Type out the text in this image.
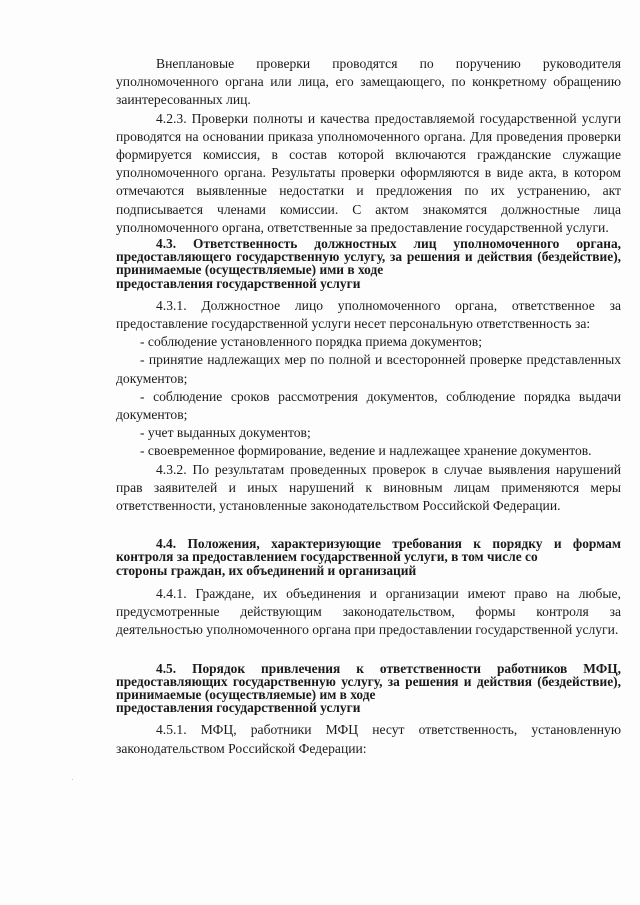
Внеплановые проверки проводятся по поручению руководителя уполномоченного органа или лица, его замещающего, по конкретному обращению заинтересованных лиц.

4.2.3. Проверки полноты и качества предоставляемой государственной услуги проводятся на основании приказа уполномоченного органа. Для проведения проверки формируется комиссия, в состав которой включаются гражданские служащие уполномоченного органа. Результаты проверки оформляются в виде акта, в котором отмечаются выявленные недостатки и предложения по их устранению, акт подписывается членами комиссии. С актом знакомятся должностные лица уполномоченного органа, ответственные за предоставление государственной услуги.

4.3. Ответственность должностных лиц уполномоченного органа, предоставляющего государственную услугу, за решения и действия (бездействие), принимаемые (осуществляемые) ими в ходе
предоставления государственной услуги

4.3.1. Должностное лицо уполномоченного органа, ответственное за предоставление государственной услуги несет персональную ответственность за:

- соблюдение установленного порядка приема документов;

- принятие надлежащих мер по полной и всесторонней проверке представленных документов;

- соблюдение сроков рассмотрения документов, соблюдение порядка выдачи документов;

- учет выданных документов;

- своевременное формирование, ведение и надлежащее хранение документов.

4.3.2. По результатам проведенных проверок в случае выявления нарушений прав заявителей и иных нарушений к виновным лицам применяются меры ответственности, установленные законодательством Российской Федерации.

4.4. Положения, характеризующие требования к порядку и формам контроля за предоставлением государственной услуги, в том числе со
стороны граждан, их объединений и организаций

4.4.1. Граждане, их объединения и организации имеют право на любые, предусмотренные действующим законодательством, формы контроля за деятельностью уполномоченного органа при предоставлении государственной услуги.

4.5. Порядок привлечения к ответственности работников МФЦ, предоставляющих государственную услугу, за решения и действия (бездействие), принимаемые (осуществляемые) им в ходе
предоставления государственной услуги

4.5.1. МФЦ, работники МФЦ несут ответственность, установленную законодательством Российской Федерации:
